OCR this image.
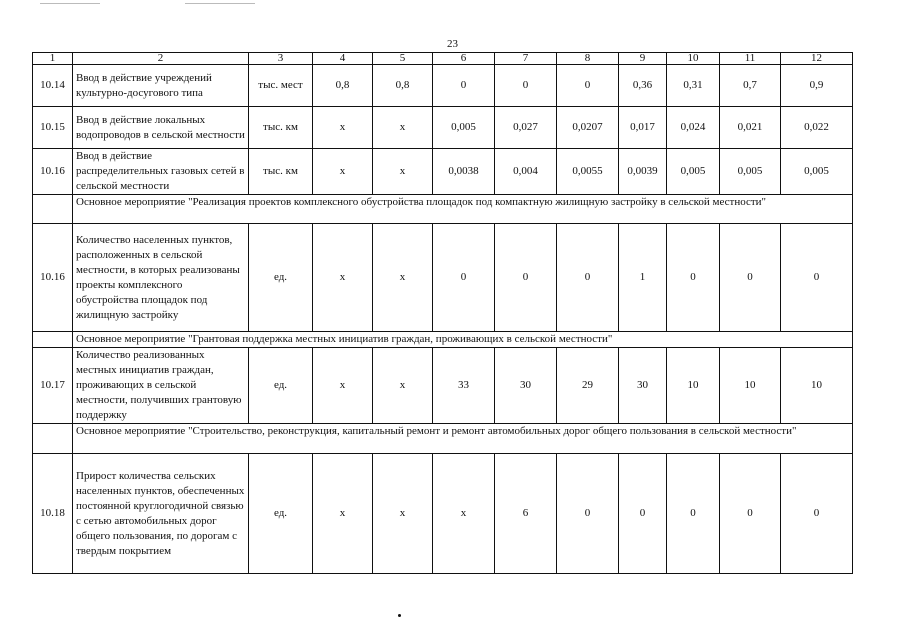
23
1	2	3	4	5	6	7	8	9	10	11	12
10.14	Ввод в действие учреждений культурно-досугового типа	тыс. мест	0,8	0,8	0	0	0	0,36	0,31	0,7	0,9
10.15	Ввод в действие локальных водопроводов в сельской местности	тыс. км	х	х	0,005	0,027	0,0207	0,017	0,024	0,021	0,022
10.16	Ввод в действие распределительных газовых сетей в сельской местности	тыс. км	х	х	0,0038	0,004	0,0055	0,0039	0,005	0,005	0,005
	Основное мероприятие "Реализация проектов комплексного обустройства площадок под компактную жилищную застройку в сельской местности"										
10.16	Количество населенных пунктов, расположенных в сельской местности, в которых реализованы проекты комплексного обустройства площадок под жилищную застройку	ед.	х	х	0	0	0	1	0	0	0
	Основное мероприятие "Грантовая поддержка местных инициатив граждан, проживающих в сельской местности"										
10.17	Количество реализованных местных инициатив граждан, проживающих в сельской местности, получивших грантовую поддержку	ед.	х	х	33	30	29	30	10	10	10
	Основное мероприятие "Строительство, реконструкция, капитальный ремонт и ремонт автомобильных дорог общего пользования в сельской местности"										
10.18	Прирост количества сельских населенных пунктов, обеспеченных постоянной круглогодичной связью с сетью автомобильных дорог общего пользования, по дорогам с твердым покрытием	ед.	х	х	х	6	0	0	0	0	0
